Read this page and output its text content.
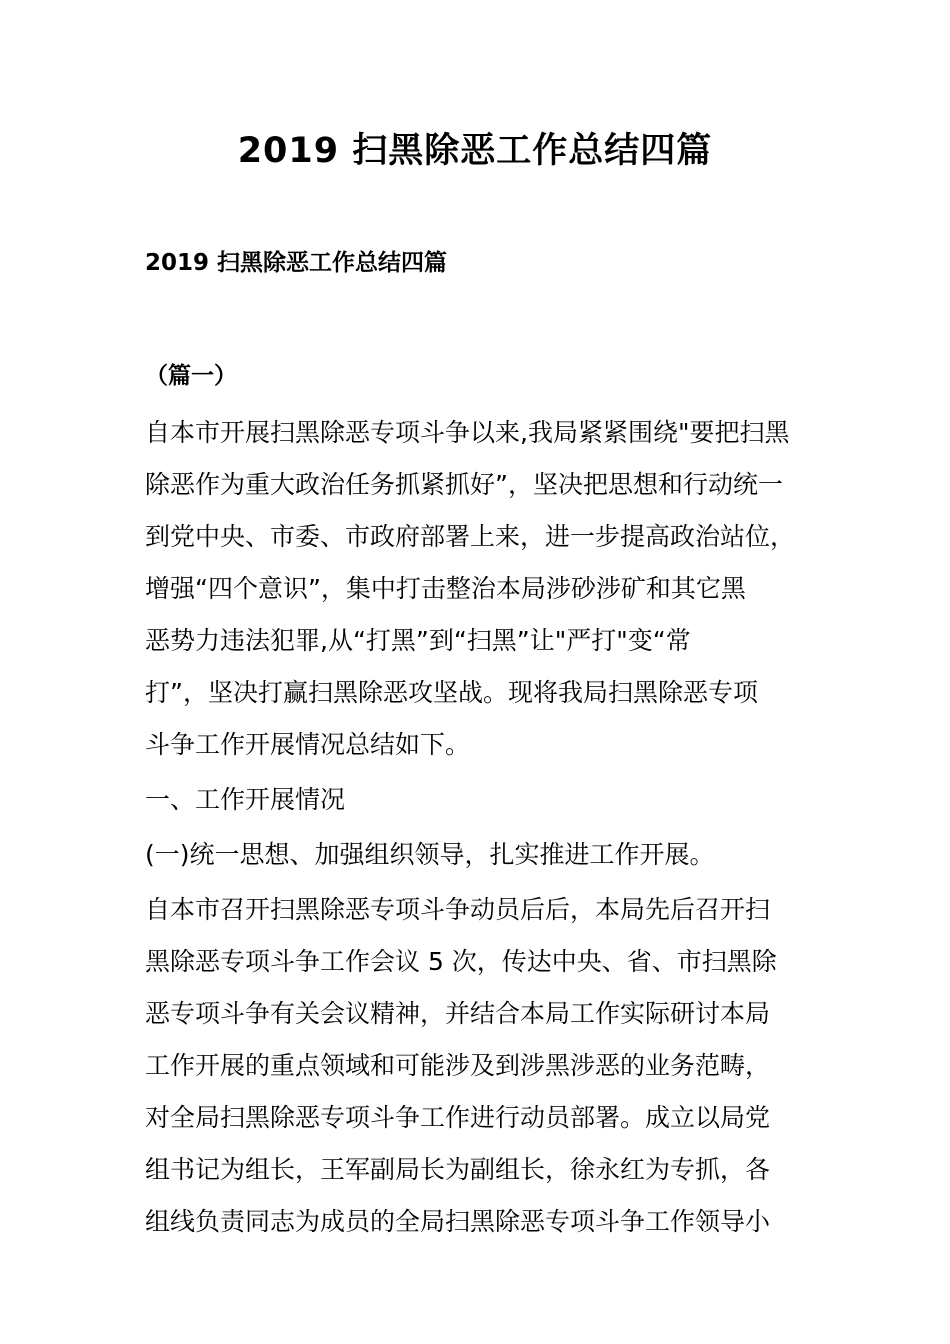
2019 扫黑除恶工作总结四篇
2019 扫黑除恶工作总结四篇
（篇一）
自本市开展扫黑除恶专项斗争以来,我局紧紧围绕"要把扫黑
除恶作为重大政治任务抓紧抓好”，坚决把思想和行动统一
到党中央、市委、市政府部署上来，进一步提高政治站位，
增强“四个意识”，集中打击整治本局涉砂涉矿和其它黑
恶势力违法犯罪,从“打黑”到“扫黑”让"严打"变“常
打”，坚决打赢扫黑除恶攻坚战。现将我局扫黑除恶专项
斗争工作开展情况总结如下。
一、工作开展情况
(一)统一思想、加强组织领导，扎实推进工作开展。
自本市召开扫黑除恶专项斗争动员后后，本局先后召开扫
黑除恶专项斗争工作会议 5 次，传达中央、省、市扫黑除
恶专项斗争有关会议精神，并结合本局工作实际研讨本局
工作开展的重点领域和可能涉及到涉黑涉恶的业务范畴，
对全局扫黑除恶专项斗争工作进行动员部署。成立以局党
组书记为组长，王军副局长为副组长，徐永红为专抓，各
组线负责同志为成员的全局扫黑除恶专项斗争工作领导小
